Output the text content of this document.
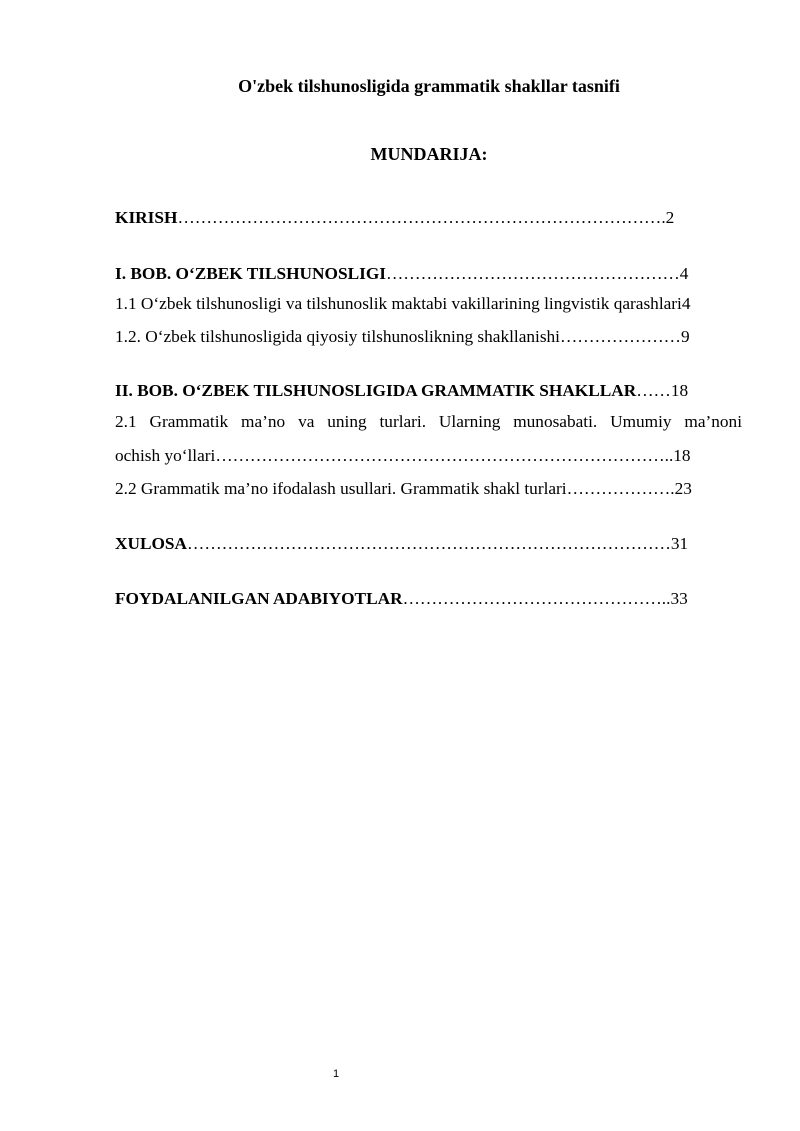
O'zbek tilshunosligida grammatik shakllar tasnifi
MUNDARIJA:
KIRISH………………………………………………………………………….2
I. BOB. O‘ZBEK TILSHUNOSLIGI……………………………………………4
1.1 O‘zbek tilshunosligi va tilshunoslik maktabi vakillarining lingvistik qarashlari4
1.2. O‘zbek tilshunosligida qiyosiy tilshunoslikning shakllanishi…………………9
II. BOB. O‘ZBEK TILSHUNOSLIGIDA GRAMMATIK SHAKLLAR……18
2.1 Grammatik ma’no va uning turlari. Ularning munosabati. Umumiy ma’noni
ochish yo‘llari……………………………………………………………………..18
2.2 Grammatik ma’no ifodalash usullari. Grammatik shakl turlari……………….23
XULOSA…………………………………………………………………………31
FOYDALANILGAN ADABIYOTLAR………………………………………..33
1
